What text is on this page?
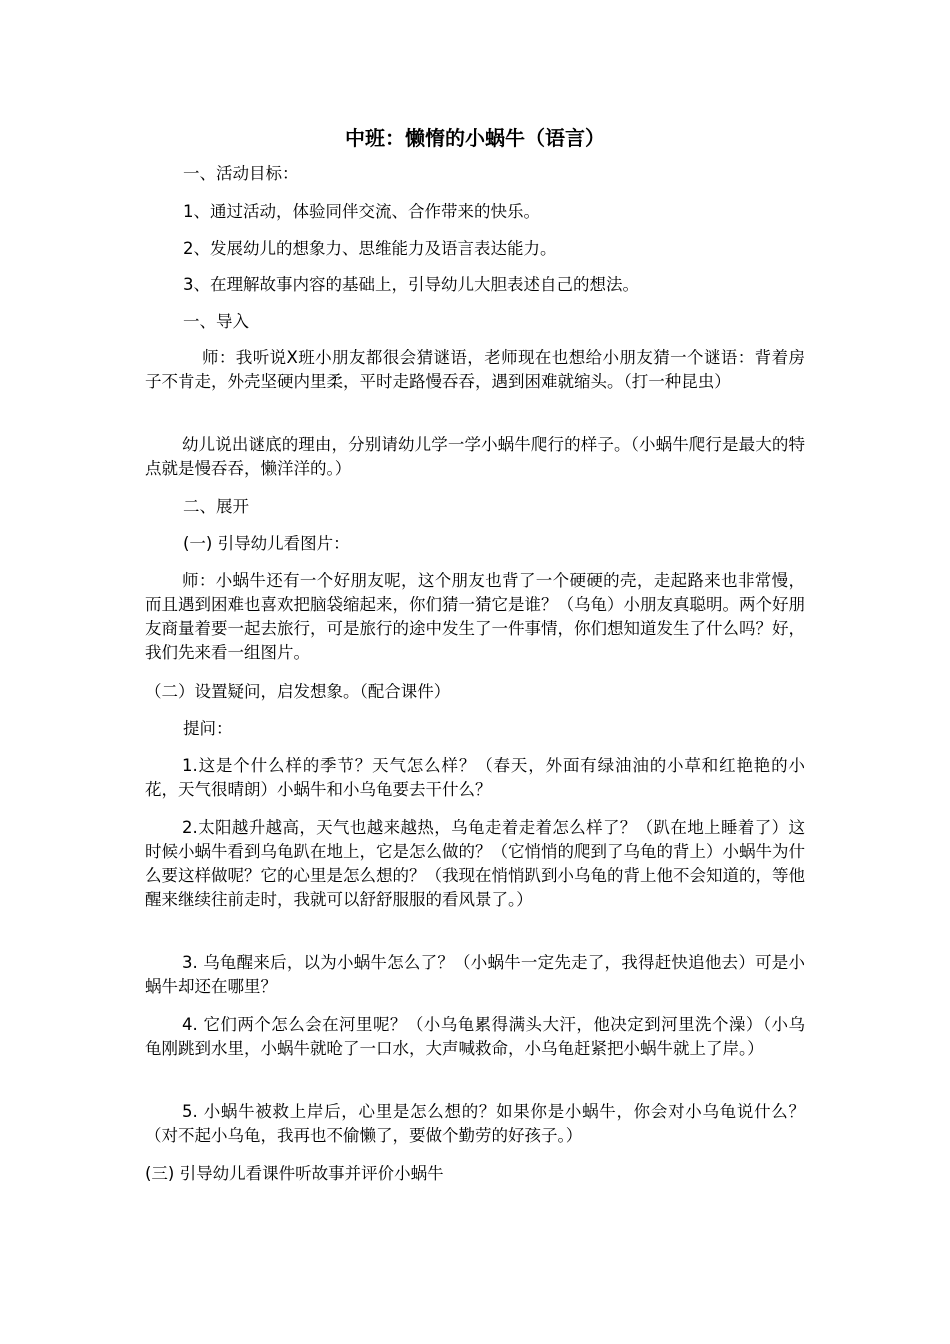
中班：懒惰的小蜗牛（语言）
一、活动目标：
1、通过活动，体验同伴交流、合作带来的快乐。
2、发展幼儿的想象力、思维能力及语言表达能力。
3、在理解故事内容的基础上，引导幼儿大胆表述自己的想法。
一、导入
师：我听说X班小朋友都很会猜谜语，老师现在也想给小朋友猜一个谜语：背着房子不肯走，外壳坚硬内里柔，平时走路慢吞吞，遇到困难就缩头。（打一种昆虫）
幼儿说出谜底的理由，分别请幼儿学一学小蜗牛爬行的样子。（小蜗牛爬行是最大的特点就是慢吞吞，懒洋洋的。）
二、展开
(一) 引导幼儿看图片：
师：小蜗牛还有一个好朋友呢，这个朋友也背了一个硬硬的壳，走起路来也非常慢，而且遇到困难也喜欢把脑袋缩起来，你们猜一猜它是谁？（乌龟）小朋友真聪明。两个好朋友商量着要一起去旅行，可是旅行的途中发生了一件事情，你们想知道发生了什么吗？好，我们先来看一组图片。
（二）设置疑问，启发想象。（配合课件）
提问：
1.这是个什么样的季节？天气怎么样？（春天，外面有绿油油的小草和红艳艳的小花，天气很晴朗）小蜗牛和小乌龟要去干什么？
2.太阳越升越高，天气也越来越热，乌龟走着走着怎么样了？（趴在地上睡着了）这时候小蜗牛看到乌龟趴在地上，它是怎么做的？（它悄悄的爬到了乌龟的背上）小蜗牛为什么要这样做呢？它的心里是怎么想的？（我现在悄悄趴到小乌龟的背上他不会知道的，等他醒来继续往前走时，我就可以舒舒服服的看风景了。）
3. 乌龟醒来后，以为小蜗牛怎么了？（小蜗牛一定先走了，我得赶快追他去）可是小蜗牛却还在哪里？
4. 它们两个怎么会在河里呢？（小乌龟累得满头大汗，他决定到河里洗个澡）（小乌龟刚跳到水里，小蜗牛就呛了一口水，大声喊救命，小乌龟赶紧把小蜗牛就上了岸。）
5. 小蜗牛被救上岸后，心里是怎么想的？如果你是小蜗牛，你会对小乌龟说什么？（对不起小乌龟，我再也不偷懒了，要做个勤劳的好孩子。）
(三) 引导幼儿看课件听故事并评价小蜗牛
